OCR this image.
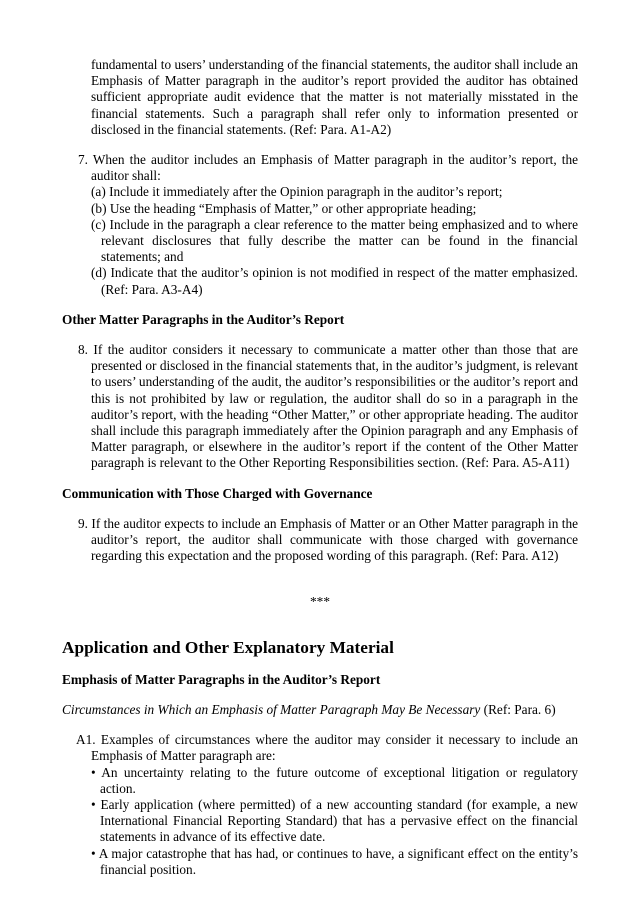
fundamental to users’ understanding of the financial statements, the auditor shall include an Emphasis of Matter paragraph in the auditor’s report provided the auditor has obtained sufficient appropriate audit evidence that the matter is not materially misstated in the financial statements. Such a paragraph shall refer only to information presented or disclosed in the financial statements. (Ref: Para. A1-A2)

7. When the auditor includes an Emphasis of Matter paragraph in the auditor’s report, the auditor shall:

(a) Include it immediately after the Opinion paragraph in the auditor’s report;

(b) Use the heading “Emphasis of Matter,” or other appropriate heading;

(c) Include in the paragraph a clear reference to the matter being emphasized and to where relevant disclosures that fully describe the matter can be found in the financial statements; and

(d) Indicate that the auditor’s opinion is not modified in respect of the matter emphasized. (Ref: Para. A3-A4)

Other Matter Paragraphs in the Auditor’s Report

8. If the auditor considers it necessary to communicate a matter other than those that are presented or disclosed in the financial statements that, in the auditor’s judgment, is relevant to users’ understanding of the audit, the auditor’s responsibilities or the auditor’s report and this is not prohibited by law or regulation, the auditor shall do so in a paragraph in the auditor’s report, with the heading “Other Matter,” or other appropriate heading. The auditor shall include this paragraph immediately after the Opinion paragraph and any Emphasis of Matter paragraph, or elsewhere in the auditor’s report if the content of the Other Matter paragraph is relevant to the Other Reporting Responsibilities section. (Ref: Para. A5-A11)

Communication with Those Charged with Governance

9. If the auditor expects to include an Emphasis of Matter or an Other Matter paragraph in the auditor’s report, the auditor shall communicate with those charged with governance regarding this expectation and the proposed wording of this paragraph. (Ref: Para. A12)

***

Application and Other Explanatory Material

Emphasis of Matter Paragraphs in the Auditor’s Report

Circumstances in Which an Emphasis of Matter Paragraph May Be Necessary (Ref: Para. 6)

A1. Examples of circumstances where the auditor may consider it necessary to include an Emphasis of Matter paragraph are:

• An uncertainty relating to the future outcome of exceptional litigation or regulatory action.

• Early application (where permitted) of a new accounting standard (for example, a new International Financial Reporting Standard) that has a pervasive effect on the financial statements in advance of its effective date.

• A major catastrophe that has had, or continues to have, a significant effect on the entity’s financial position.
